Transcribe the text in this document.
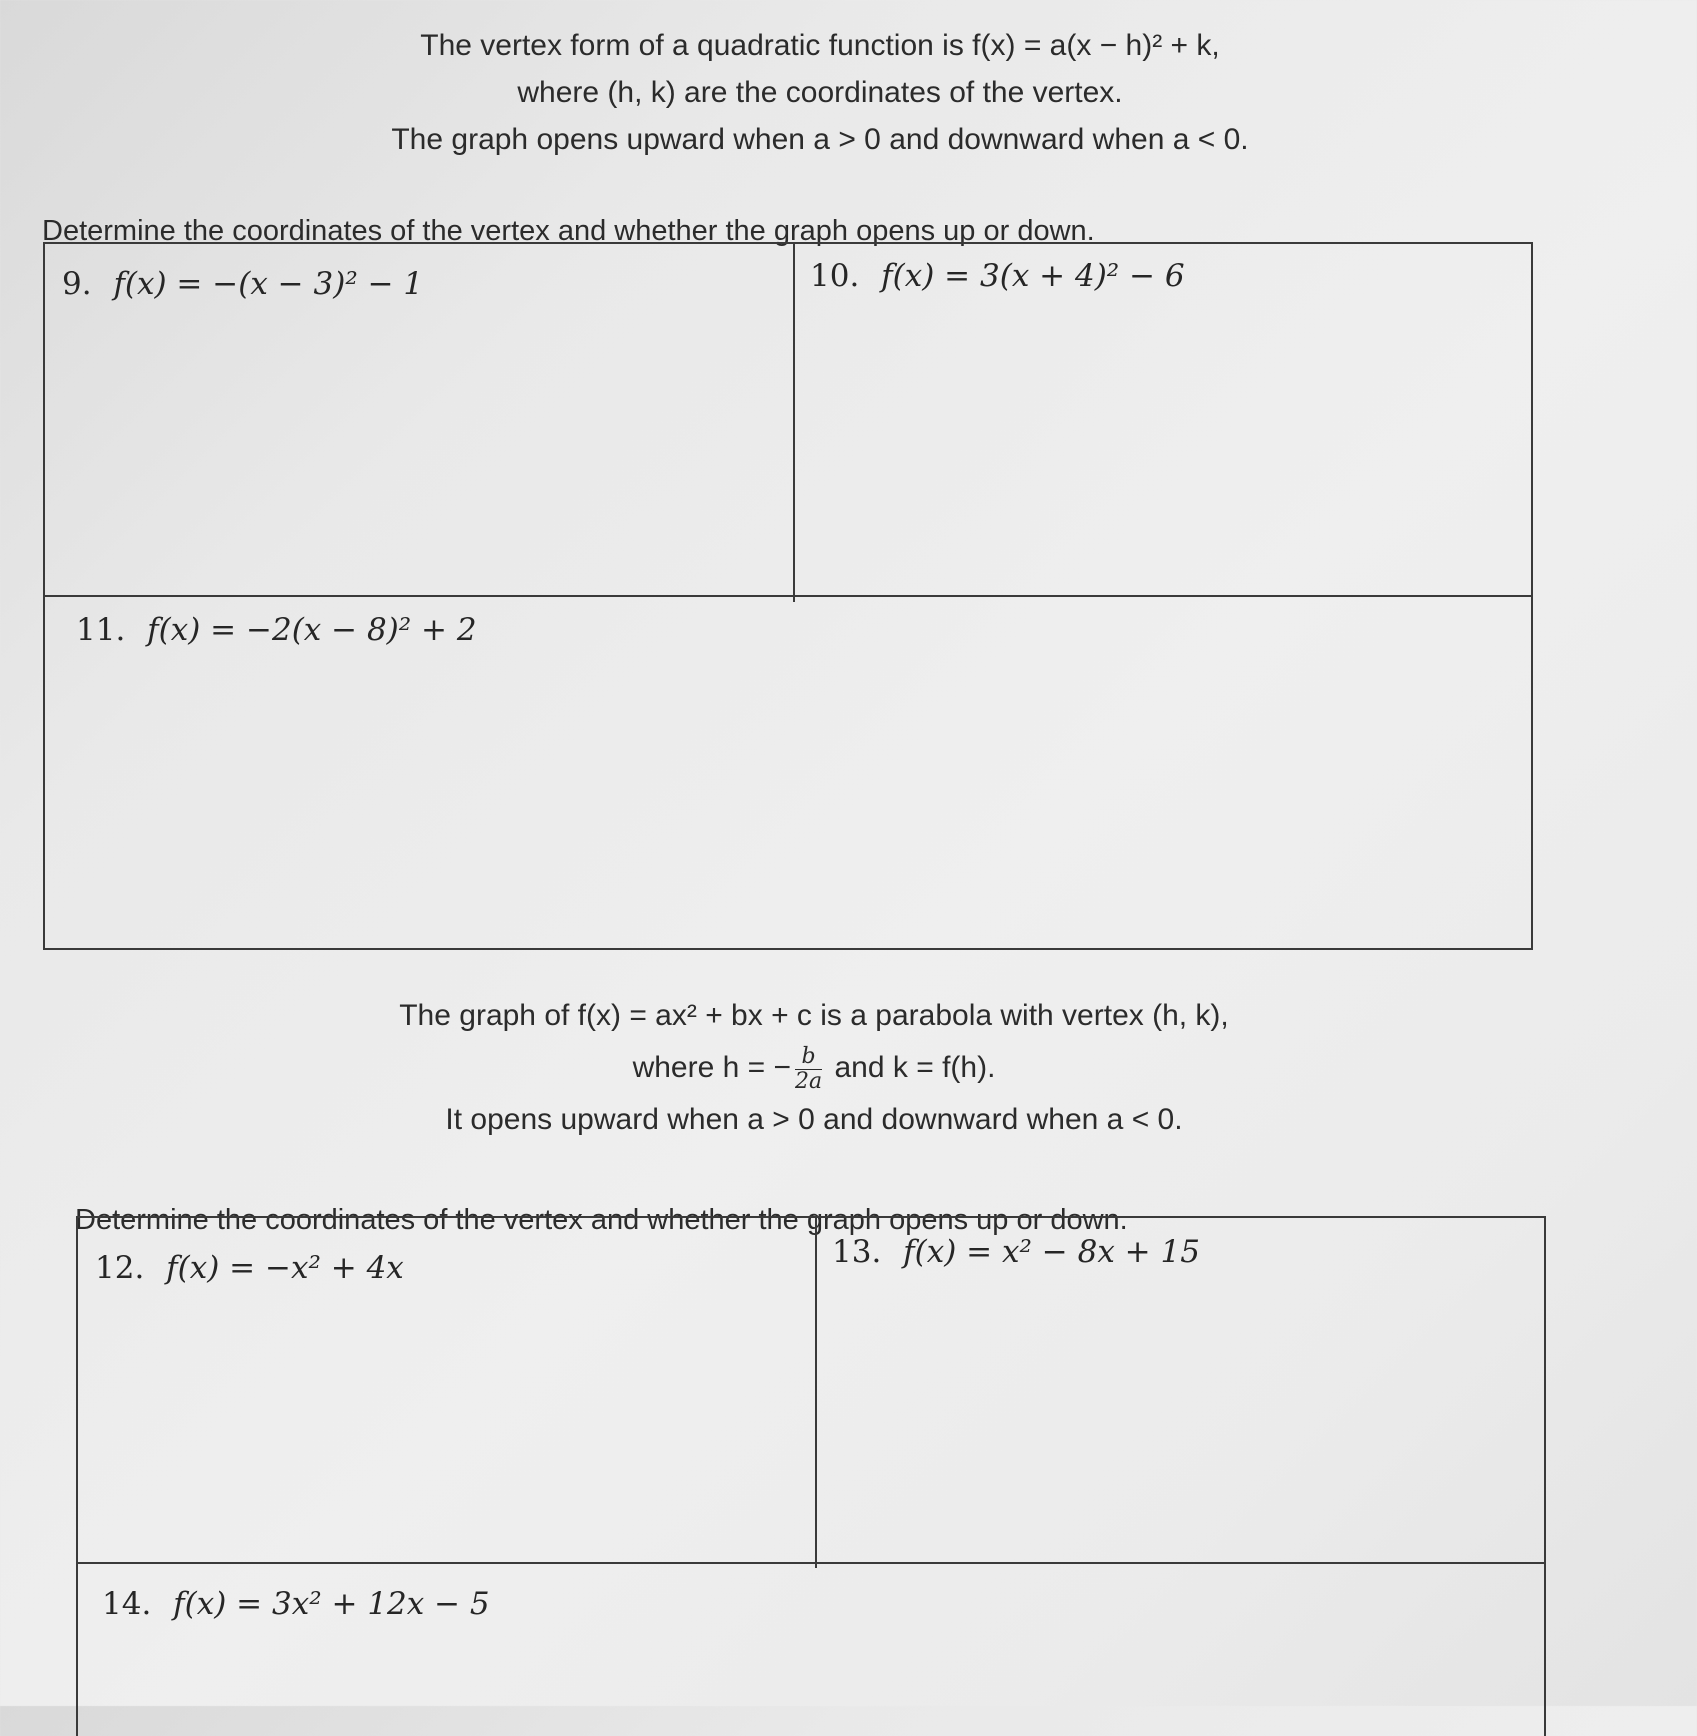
The vertex form of a quadratic function is f(x) = a(x − h)² + k,
where (h, k) are the coordinates of the vertex.
The graph opens upward when a > 0 and downward when a < 0.
Determine the coordinates of the vertex and whether the graph opens up or down.
9. f(x) = −(x − 3)² − 1	10. f(x) = 3(x + 4)² − 6
11. f(x) = −2(x − 8)² + 2
The graph of f(x) = ax² + bx + c is a parabola with vertex (h, k),
where h = − $\frac{b}{2a}$ and k = f(h).
It opens upward when a > 0 and downward when a < 0.
Determine the coordinates of the vertex and whether the graph opens up or down.
12. f(x) = −x² + 4x	13. f(x) = x² − 8x + 15
14. f(x) = 3x² + 12x − 5
